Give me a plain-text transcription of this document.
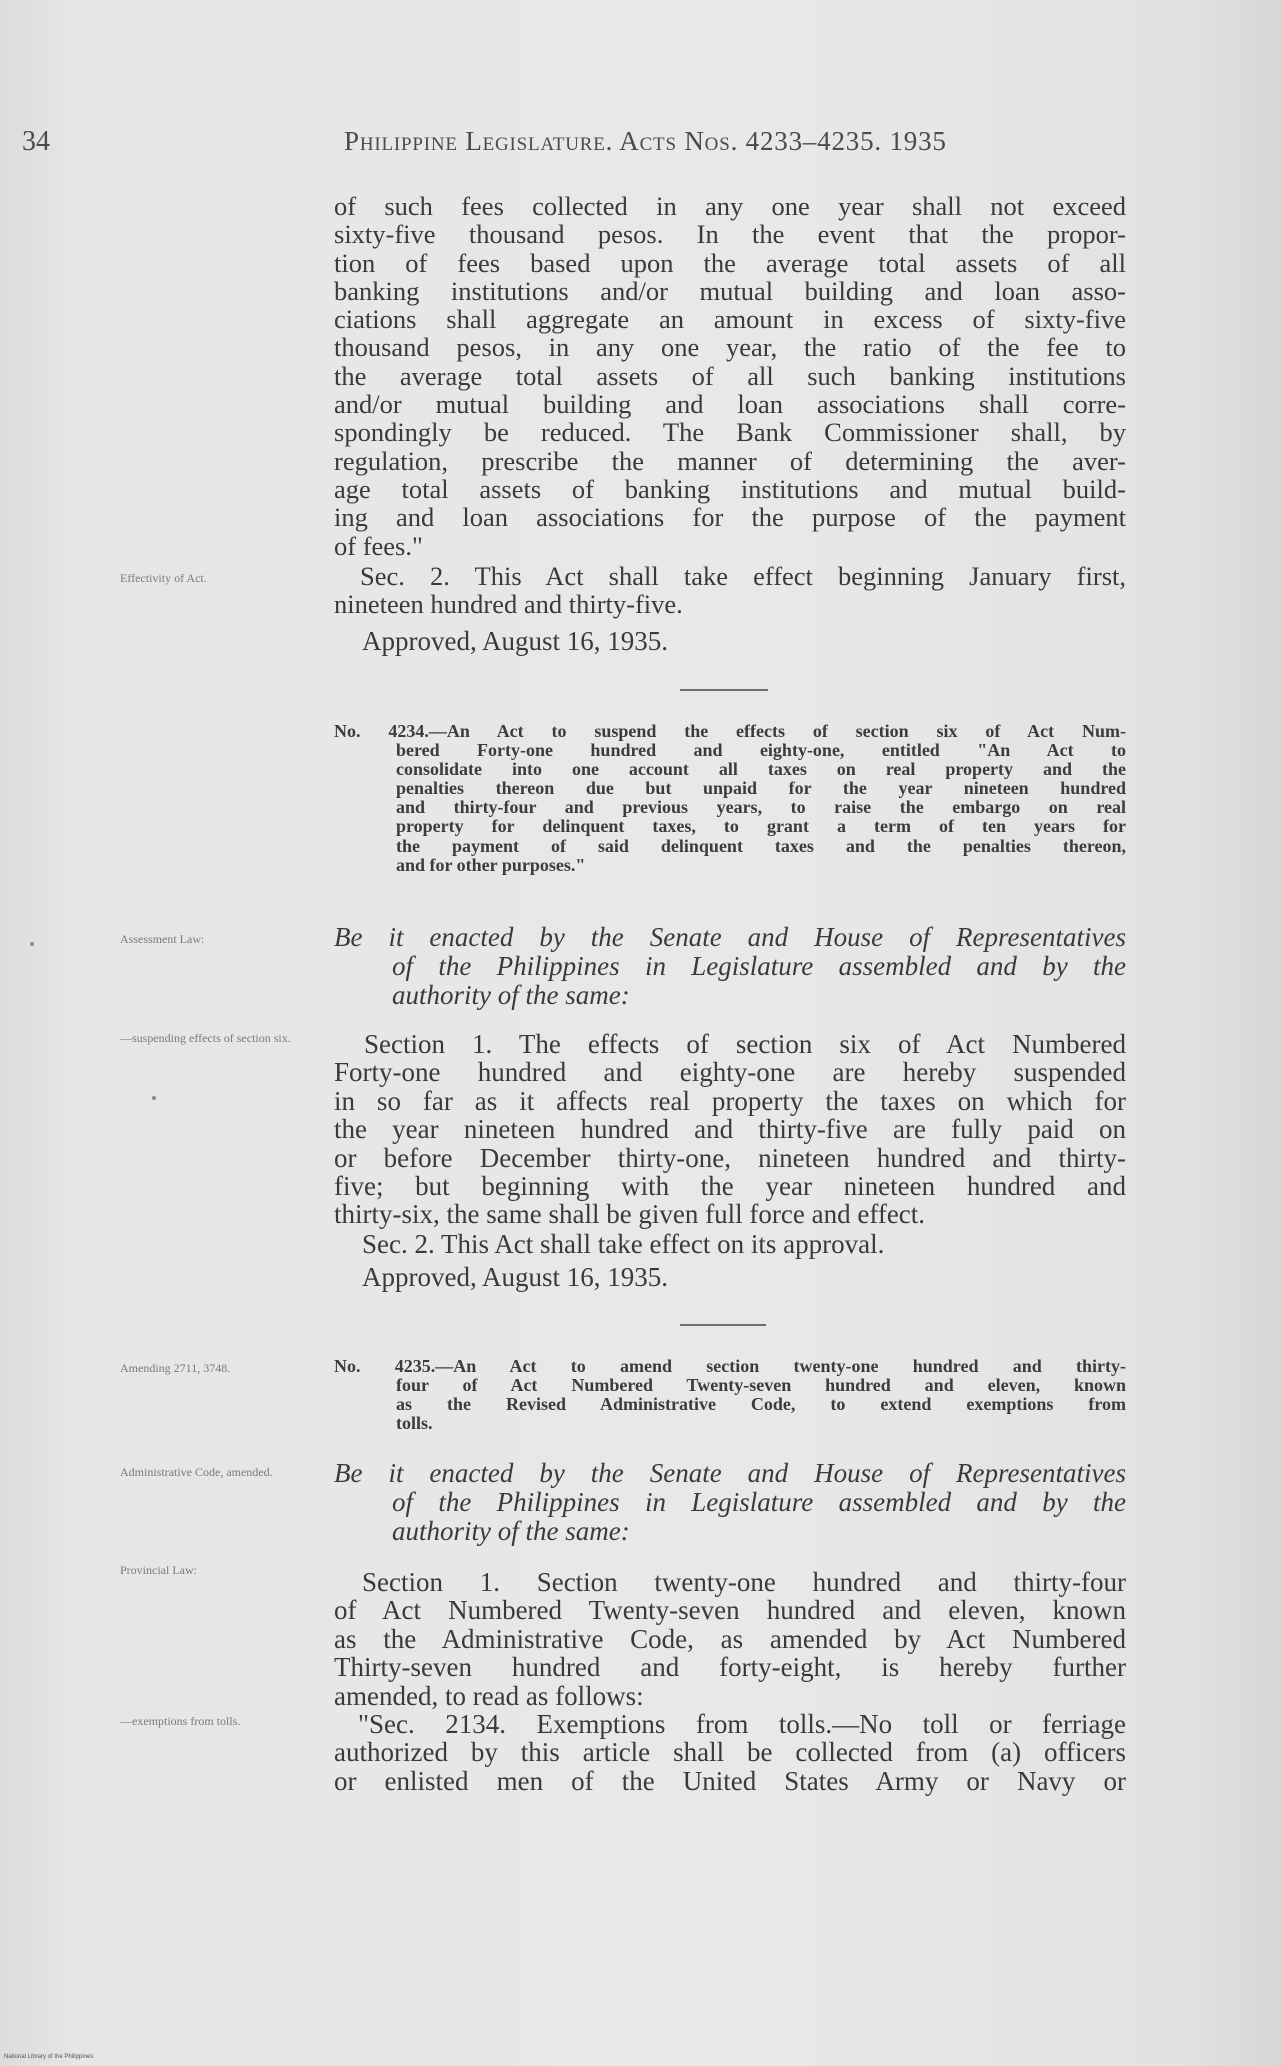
34	Philippine Legislature. Acts Nos. 4233–4235. 1935
of such fees collected in any one year shall not exceed
sixty-five thousand pesos. In the event that the propor-
tion of fees based upon the average total assets of all
banking institutions and/or mutual building and loan asso-
ciations shall aggregate an amount in excess of sixty-five
thousand pesos, in any one year, the ratio of the fee to
the average total assets of all such banking institutions
and/or mutual building and loan associations shall corre-
spondingly be reduced. The Bank Commissioner shall, by
regulation, prescribe the manner of determining the aver-
age total assets of banking institutions and mutual build-
ing and loan associations for the purpose of the payment
of fees."
Effectivity of Act.	Sec. 2. This Act shall take effect beginning January first,
nineteen hundred and thirty-five.
Approved, August 16, 1935.
No. 4234.—An Act to suspend the effects of section six of Act Num-
bered Forty-one hundred and eighty-one, entitled "An Act to
consolidate into one account all taxes on real property and the
penalties thereon due but unpaid for the year nineteen hundred
and thirty-four and previous years, to raise the embargo on real
property for delinquent taxes, to grant a term of ten years for
the payment of said delinquent taxes and the penalties thereon,
and for other purposes."
Assessment Law:	Be it enacted by the Senate and House of Representatives
of the Philippines in Legislature assembled and by the
authority of the same:
—suspending effects of section six.	Section 1. The effects of section six of Act Numbered
Forty-one hundred and eighty-one are hereby suspended
in so far as it affects real property the taxes on which for
the year nineteen hundred and thirty-five are fully paid on
or before December thirty-one, nineteen hundred and thirty-
five; but beginning with the year nineteen hundred and
thirty-six, the same shall be given full force and effect.
Sec. 2. This Act shall take effect on its approval.
Approved, August 16, 1935.
Amending 2711, 3748.	No. 4235.—An Act to amend section twenty-one hundred and thirty-
four of Act Numbered Twenty-seven hundred and eleven, known
as the Revised Administrative Code, to extend exemptions from
tolls.
Administrative Code, amended.	Be it enacted by the Senate and House of Representatives
of the Philippines in Legislature assembled and by the
authority of the same:
Provincial Law:	Section 1. Section twenty-one hundred and thirty-four
of Act Numbered Twenty-seven hundred and eleven, known
as the Administrative Code, as amended by Act Numbered
Thirty-seven hundred and forty-eight, is hereby further
amended, to read as follows:
—exemptions from tolls.	"Sec. 2134. Exemptions from tolls.—No toll or ferriage
authorized by this article shall be collected from (a) officers
or enlisted men of the United States Army or Navy or
National Library of the Philippines
